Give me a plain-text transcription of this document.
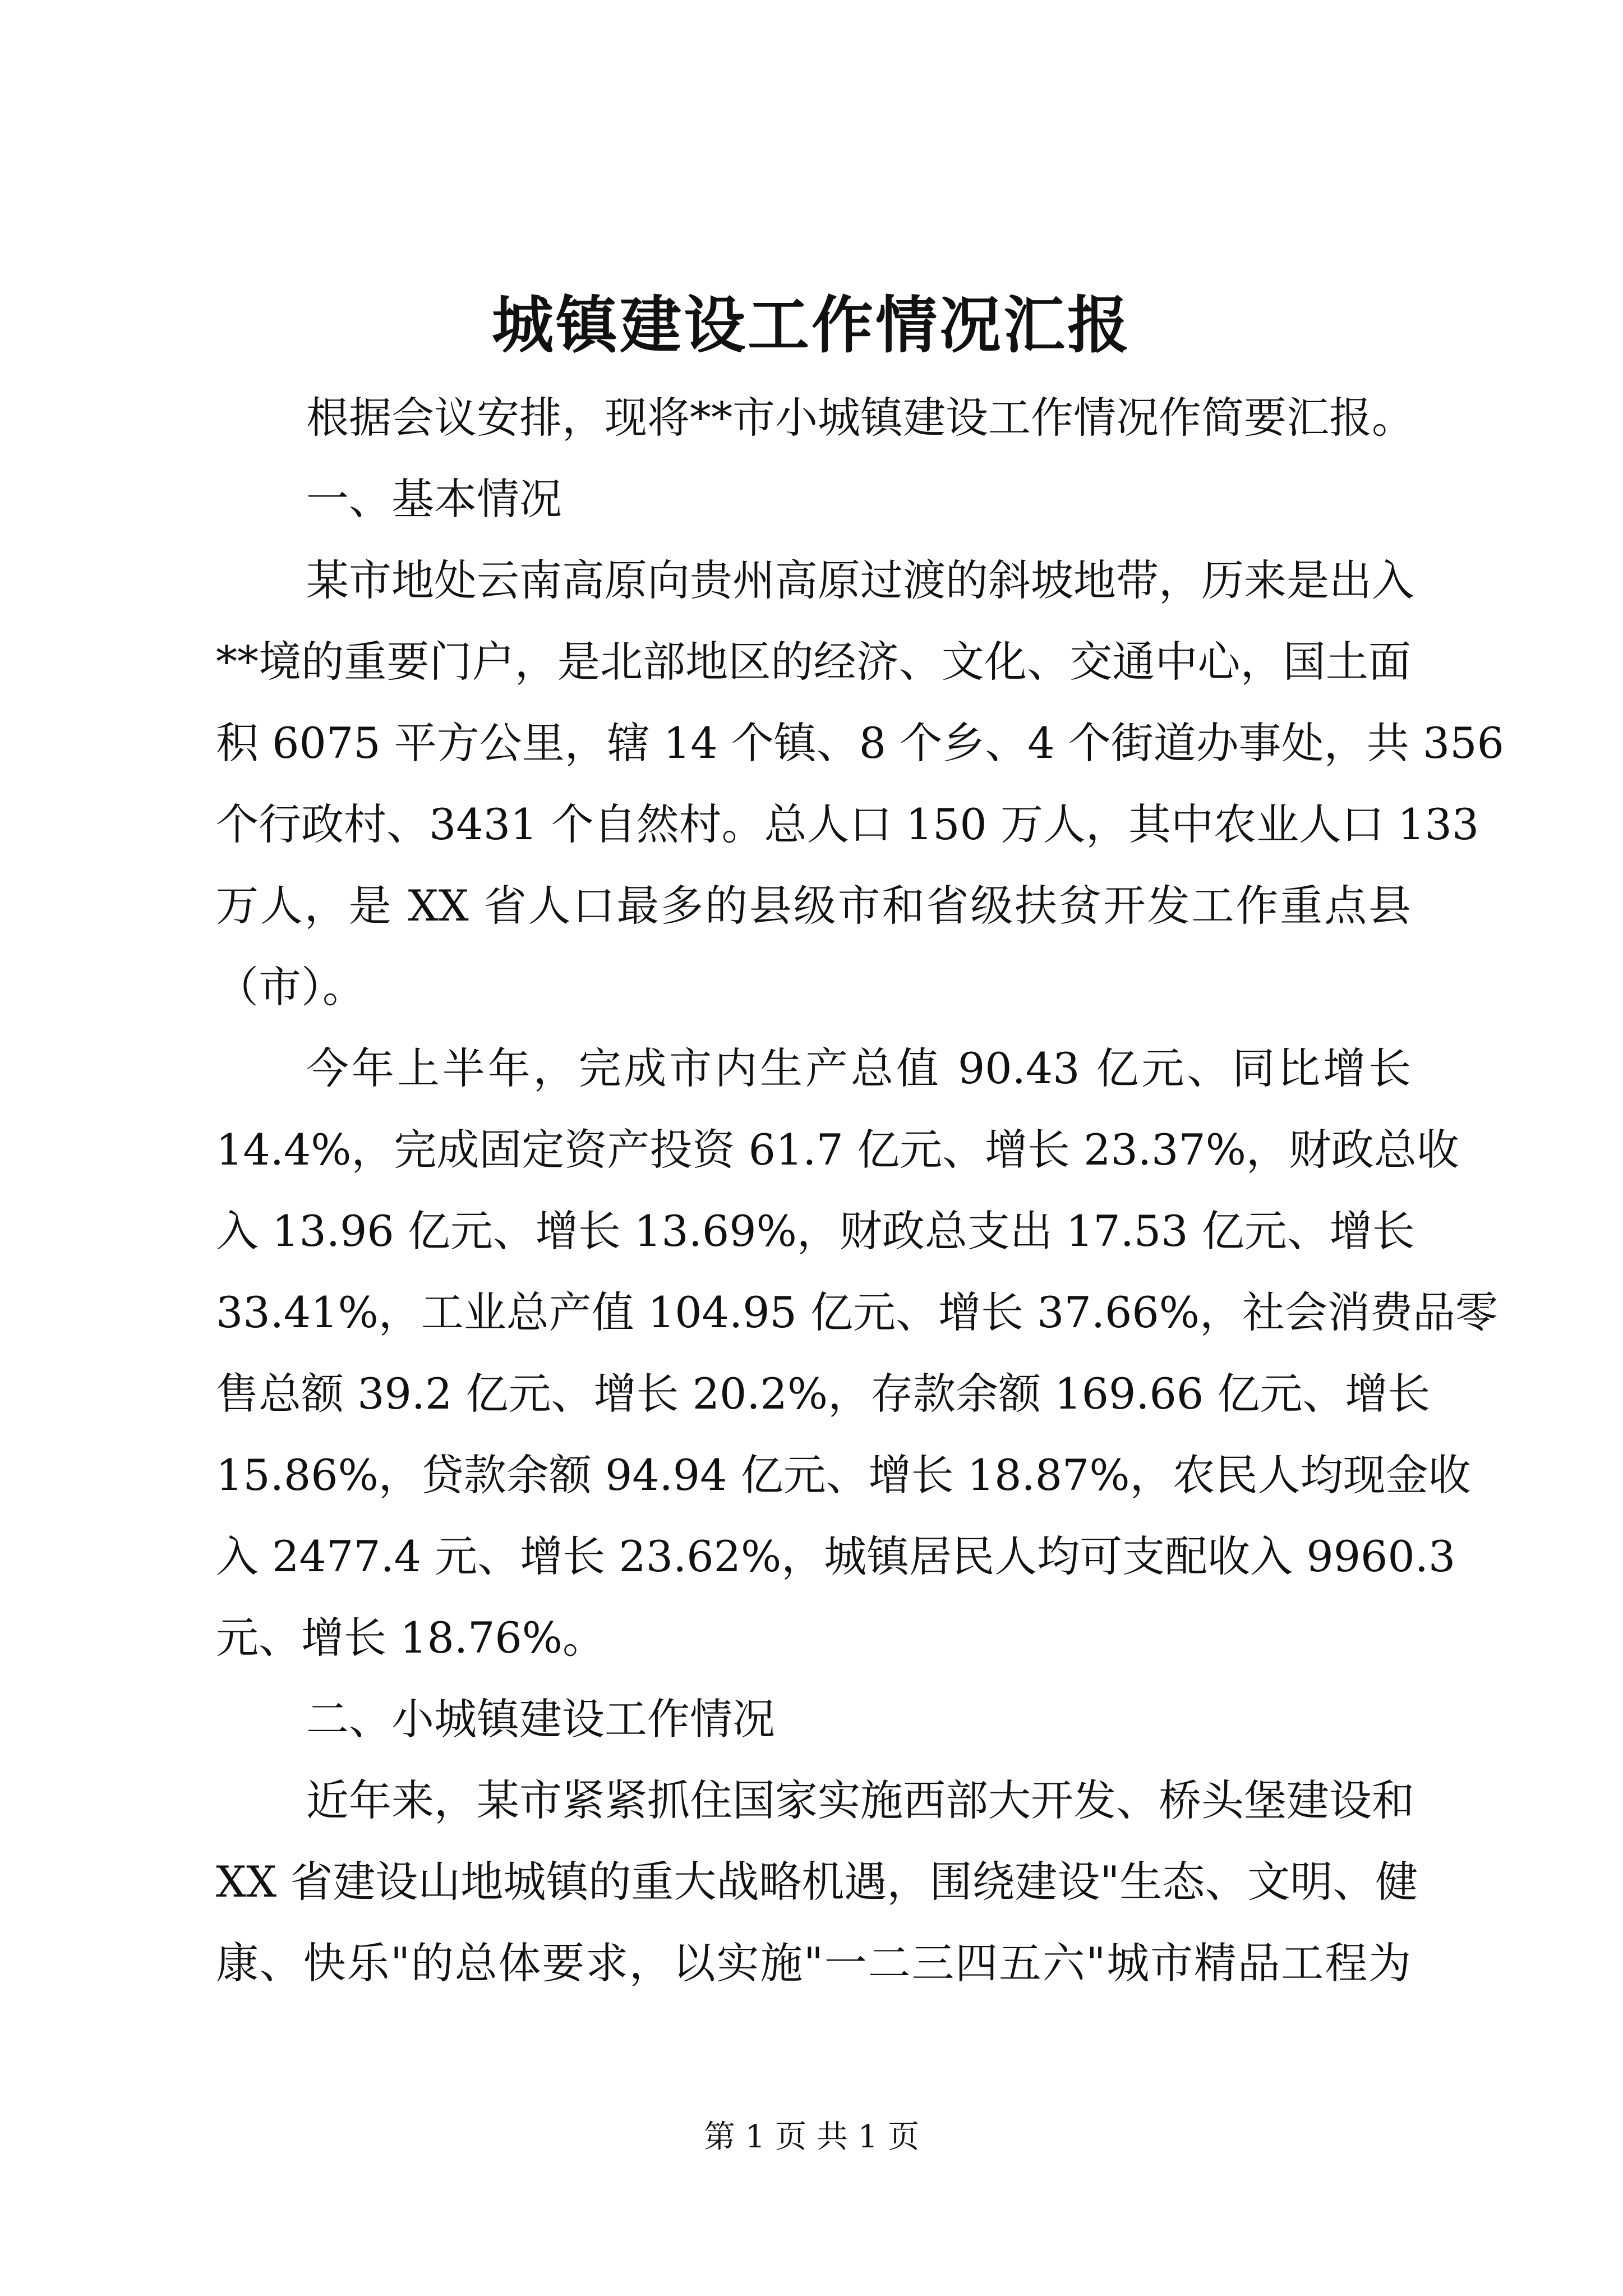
城镇建设工作情况汇报
根据会议安排，现将**市小城镇建设工作情况作简要汇报。
一、基本情况
某市地处云南高原向贵州高原过渡的斜坡地带，历来是出入
**境的重要门户，是北部地区的经济、文化、交通中心，国土面
积 6075 平方公里，辖 14 个镇、8 个乡、4 个街道办事处，共 356
个行政村、3431 个自然村。总人口 150 万人，其中农业人口 133
万人，是 XX 省人口最多的县级市和省级扶贫开发工作重点县
（市）。
今年上半年，完成市内生产总值 90.43 亿元、同比增长
14.4%，完成固定资产投资 61.7 亿元、增长 23.37%，财政总收
入 13.96 亿元、增长 13.69%，财政总支出 17.53 亿元、增长
33.41%，工业总产值 104.95 亿元、增长 37.66%，社会消费品零
售总额 39.2 亿元、增长 20.2%，存款余额 169.66 亿元、增长
15.86%，贷款余额 94.94 亿元、增长 18.87%，农民人均现金收
入 2477.4 元、增长 23.62%，城镇居民人均可支配收入 9960.3
元、增长 18.76%。
二、小城镇建设工作情况
近年来，某市紧紧抓住国家实施西部大开发、桥头堡建设和
XX 省建设山地城镇的重大战略机遇，围绕建设"生态、文明、健
康、快乐"的总体要求，以实施"一二三四五六"城市精品工程为
第 1 页 共 1 页
